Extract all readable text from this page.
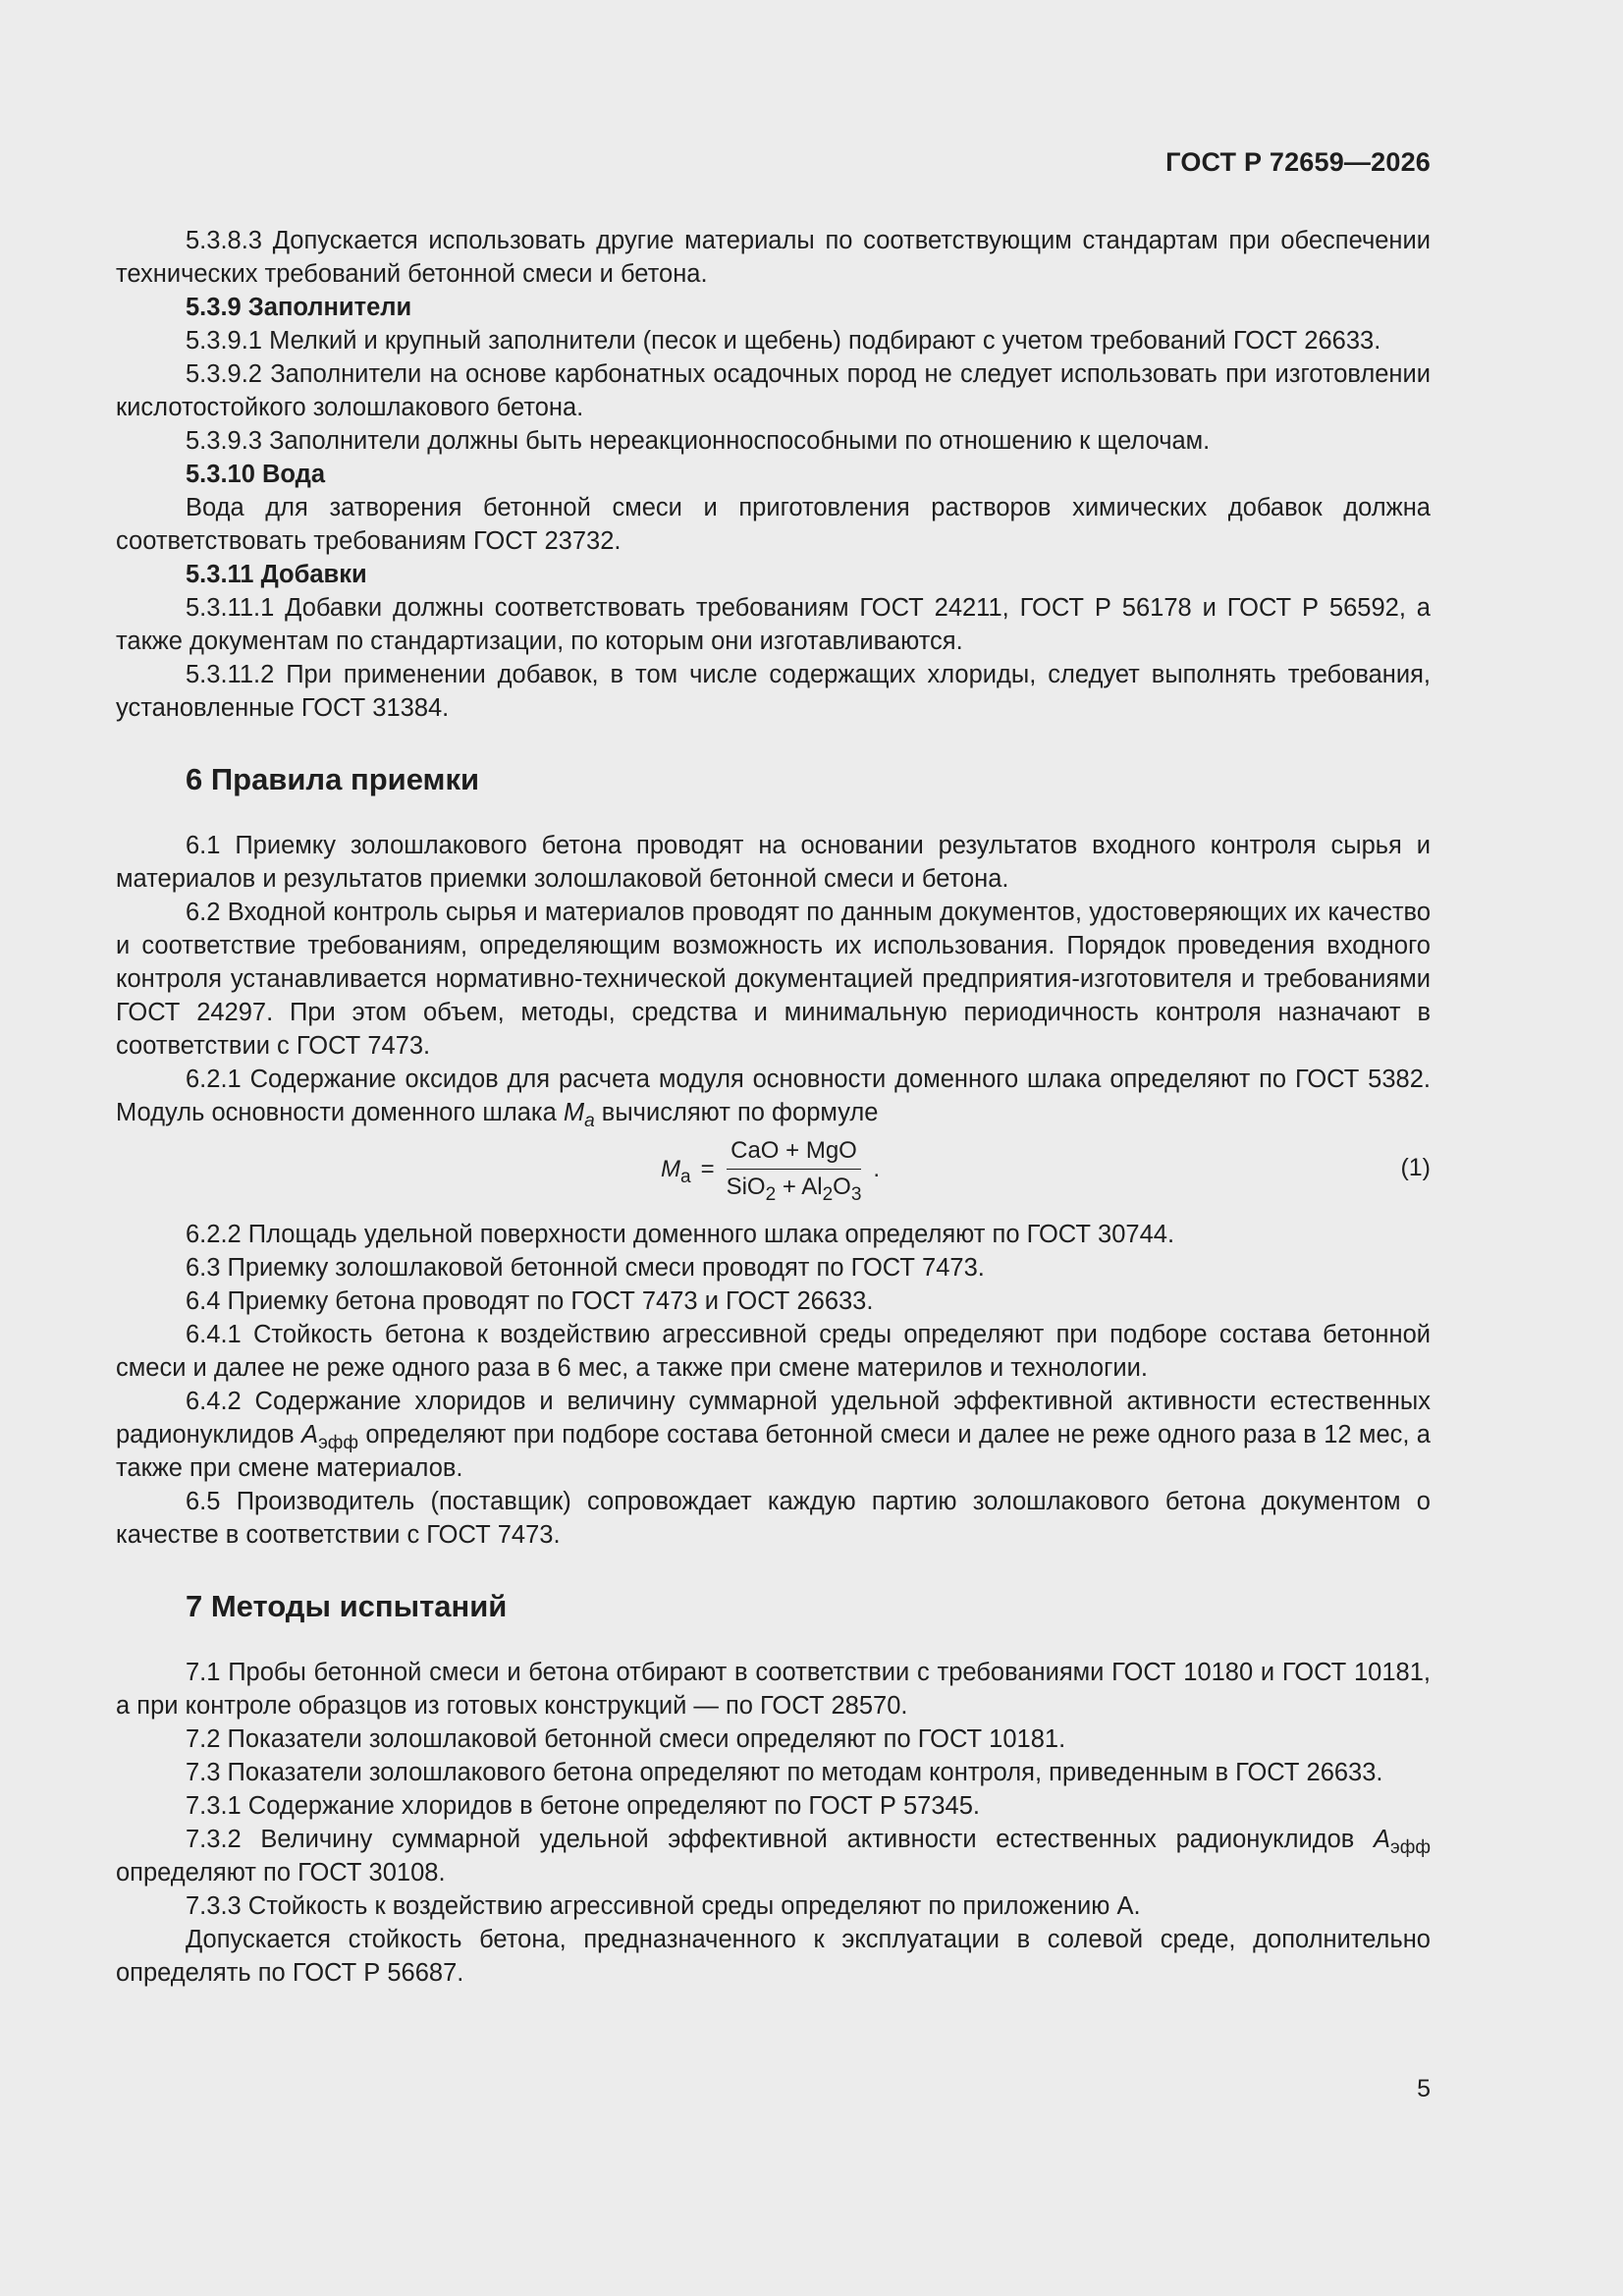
ГОСТ Р 72659—2026

5.3.8.3 Допускается использовать другие материалы по соответствующим стандартам при обеспечении технических требований бетонной смеси и бетона.

5.3.9 Заполнители

5.3.9.1 Мелкий и крупный заполнители (песок и щебень) подбирают с учетом требований ГОСТ 26633.

5.3.9.2 Заполнители на основе карбонатных осадочных пород не следует использовать при изготовлении кислотостойкого золошлакового бетона.

5.3.9.3 Заполнители должны быть нереакционноспособными по отношению к щелочам.

5.3.10 Вода

Вода для затворения бетонной смеси и приготовления растворов химических добавок должна соответствовать требованиям ГОСТ 23732.

5.3.11 Добавки

5.3.11.1 Добавки должны соответствовать требованиям ГОСТ 24211, ГОСТ Р 56178 и ГОСТ Р 56592, а также документам по стандартизации, по которым они изготавливаются.

5.3.11.2 При применении добавок, в том числе содержащих хлориды, следует выполнять требования, установленные ГОСТ 31384.

6 Правила приемки

6.1 Приемку золошлакового бетона проводят на основании результатов входного контроля сырья и материалов и результатов приемки золошлаковой бетонной смеси и бетона.

6.2 Входной контроль сырья и материалов проводят по данным документов, удостоверяющих их качество и соответствие требованиям, определяющим возможность их использования. Порядок проведения входного контроля устанавливается нормативно-технической документацией предприятия-изготовителя и требованиями ГОСТ 24297. При этом объем, методы, средства и минимальную периодичность контроля назначают в соответствии с ГОСТ 7473.

6.2.1 Содержание оксидов для расчета модуля основности доменного шлака определяют по ГОСТ 5382. Модуль основности доменного шлака $M_a$ вычисляют по формуле

$M_а = \frac{\text{CaO + MgO}}{SiO_2 + Al_2O_3}$ .	(1)

6.2.2 Площадь удельной поверхности доменного шлака определяют по ГОСТ 30744.

6.3 Приемку золошлаковой бетонной смеси проводят по ГОСТ 7473.

6.4 Приемку бетона проводят по ГОСТ 7473 и ГОСТ 26633.

6.4.1 Стойкость бетона к воздействию агрессивной среды определяют при подборе состава бетонной смеси и далее не реже одного раза в 6 мес, а также при смене материлов и технологии.

6.4.2 Содержание хлоридов и величину суммарной удельной эффективной активности естественных радионуклидов $A_{эфф}$ определяют при подборе состава бетонной смеси и далее не реже одного раза в 12 мес, а также при смене материалов.

6.5 Производитель (поставщик) сопровождает каждую партию золошлакового бетона документом о качестве в соответствии с ГОСТ 7473.

7 Методы испытаний

7.1 Пробы бетонной смеси и бетона отбирают в соответствии с требованиями ГОСТ 10180 и ГОСТ 10181, а при контроле образцов из готовых конструкций — по ГОСТ 28570.

7.2 Показатели золошлаковой бетонной смеси определяют по ГОСТ 10181.

7.3 Показатели золошлакового бетона определяют по методам контроля, приведенным в ГОСТ 26633.

7.3.1 Содержание хлоридов в бетоне определяют по ГОСТ Р 57345.

7.3.2 Величину суммарной удельной эффективной активности естественных радионуклидов $A_{эфф}$ определяют по ГОСТ 30108.

7.3.3 Стойкость к воздействию агрессивной среды определяют по приложению А.

Допускается стойкость бетона, предназначенного к эксплуатации в солевой среде, дополнительно определять по ГОСТ Р 56687.

5
